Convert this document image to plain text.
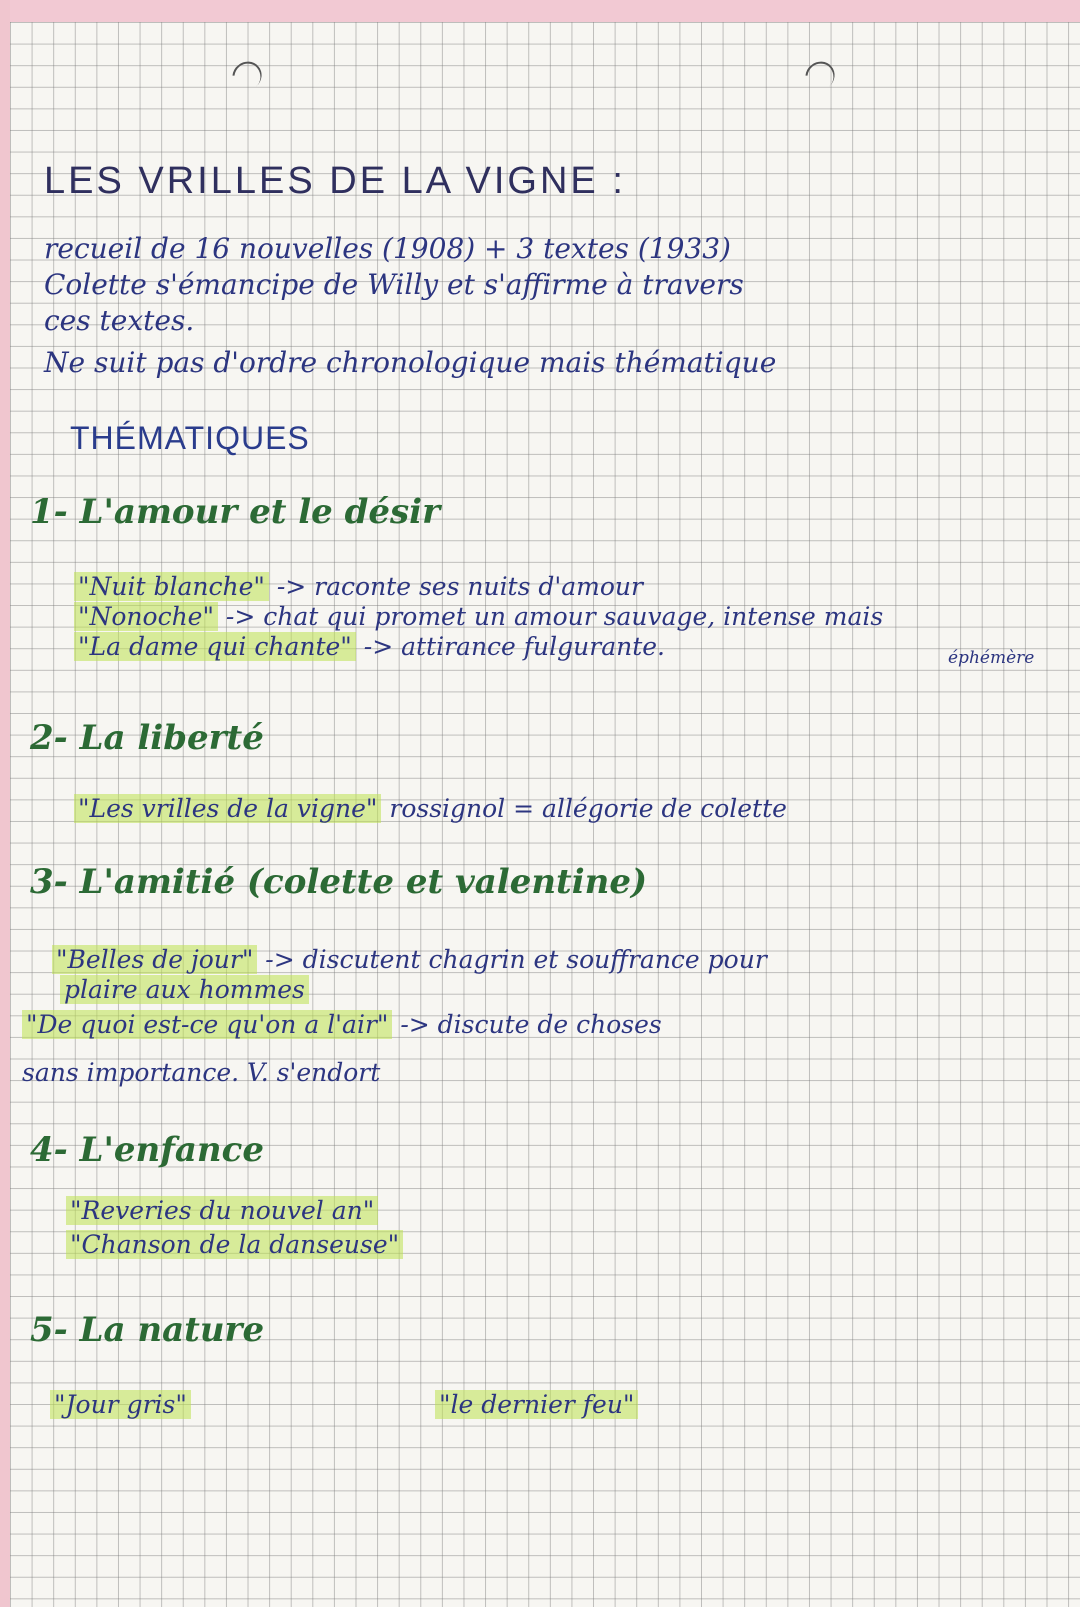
LES VRILLES DE LA VIGNE :
recueil de 16 nouvelles (1908) + 3 textes (1933)
Colette s'émancipe de Willy et s'affirme à travers
ces textes.
Ne suit pas d'ordre chronologique mais thématique
THÉMATIQUES
1- L'amour et le désir
"Nuit blanche" -> raconte ses nuits d'amour
"Nonoche" -> chat qui promet un amour sauvage, intense mais
"La dame qui chante" -> attirance fulgurante.	éphémère
2- La liberté
"Les vrilles de la vigne" rossignol = allégorie de colette
3- L'amitié (colette et valentine)
"Belles de jour" -> discutent chagrin et souffrance pour
plaire aux hommes
"De quoi est-ce qu'on a l'air" -> discute de choses
sans importance. V. s'endort
4- L'enfance
"Reveries du nouvel an"
"Chanson de la danseuse"
5- La nature
"Jour gris"	"le dernier feu"
